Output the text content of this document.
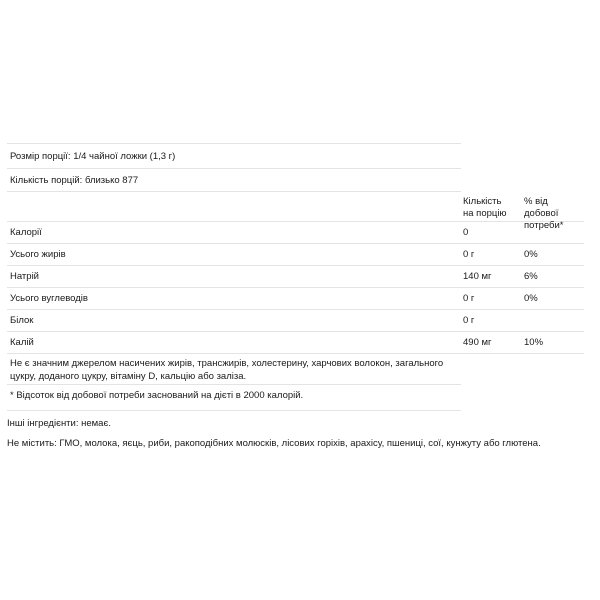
Розмір порції: 1/4 чайної ложки (1,3 г)
Кількість порцій: близько 877
Кількість
на порцію
% від добової
потреби*
Калорії	0
Усього жирів	0 г	0%
Натрій	140 мг	6%
Усього вуглеводів	0 г	0%
Білок	0 г
Калій	490 мг	10%
Не є значним джерелом насичених жирів, трансжирів, холестерину, харчових волокон, загального цукру, доданого цукру, вітаміну D, кальцію або заліза.
* Відсоток від добової потреби заснований на дієті в 2000 калорій.
Інші інгредієнти: немає.
Не містить: ГМО, молока, яєць, риби, ракоподібних молюсків, лісових горіхів, арахісу, пшениці, сої, кунжуту або глютена.
